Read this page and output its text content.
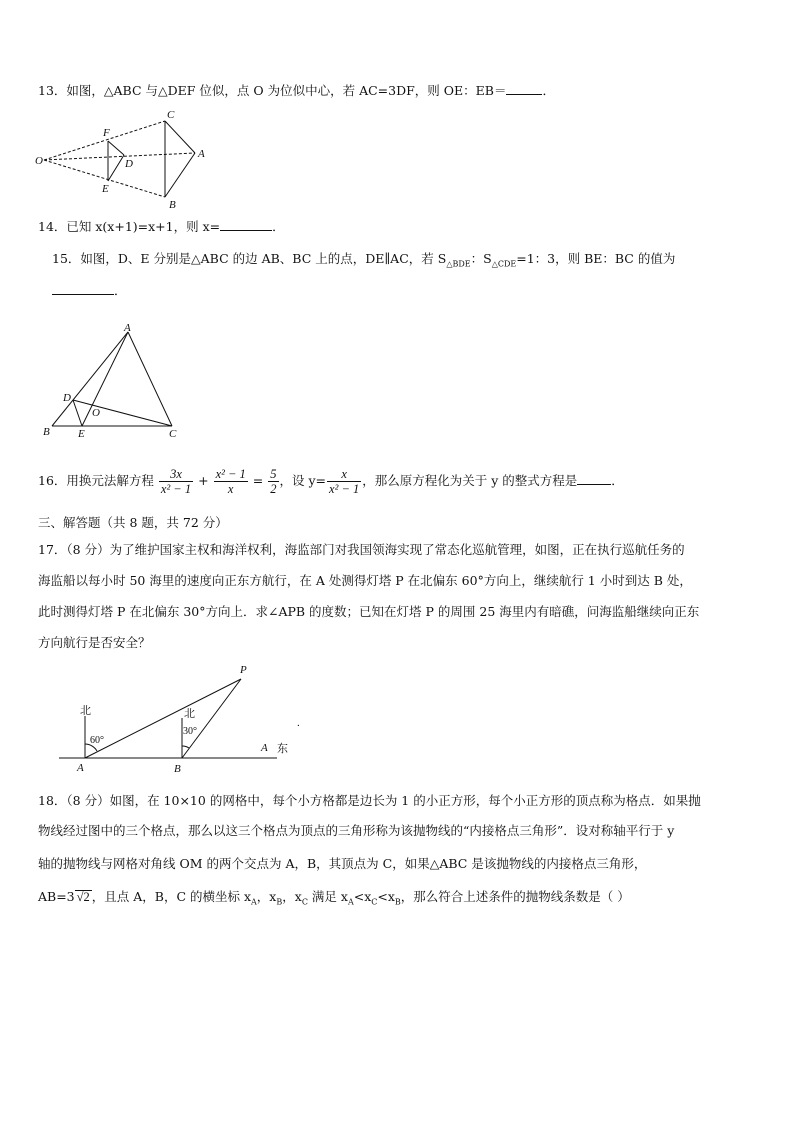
13．如图，△ABC 与△DEF 位似，点 O 为位似中心，若 AC=3DF，则 OE：EB＝	．
O
F
D
E
C
A
B
14．已知 x(x+1)=x+1，则 x=	．
15．如图，D、E 分别是△ABC 的边 AB、BC 上的点，DE∥AC，若 $S_{\triangle BDE}$：$S_{\triangle CDE}=1$：3，则 BE：BC 的值为
．
A
D
O
B	E	C
16．用换元法解方程 $\frac{3x}{\text{x² − 1}} + \frac{\text{x² − 1}}{x} = \frac{5}{2}$ ，设 $y= \frac{x}{\text{x² − 1}}$ ，那么原方程化为关于 y 的整式方程是	．
三、解答题（共 8 题，共 72 分）
17．（8 分）为了维护国家主权和海洋权利，海监部门对我国领海实现了常态化巡航管理，如图，正在执行巡航任务的
海监船以每小时 50 海里的速度向正东方航行，在 A 处测得灯塔 P 在北偏东 60°方向上，继续航行 1 小时到达 B 处，
此时测得灯塔 P 在北偏东 30°方向上．求∠APB 的度数；已知在灯塔 P 的周围 25 海里内有暗礁，问海监船继续向正东
方向航行是否安全？
北	北
60°
30°
P
A	B
A 东
.
18．（8 分）如图，在 10×10 的网格中，每个小方格都是边长为 1 的小正方形，每个小正方形的顶点称为格点．如果抛
物线经过图中的三个格点，那么以这三个格点为顶点的三角形称为该抛物线的“内接格点三角形”．设对称轴平行于 y
轴的抛物线与网格对角线 OM 的两个交点为 A，B，其顶点为 C，如果△ABC 是该抛物线的内接格点三角形，
AB=3 √2 ，且点 A，B，C 的横坐标 $x_A$，$x_B$，$x_C$ 满足 $x_A<x_C<x_B$，那么符合上述条件的抛物线条数是（ ）
